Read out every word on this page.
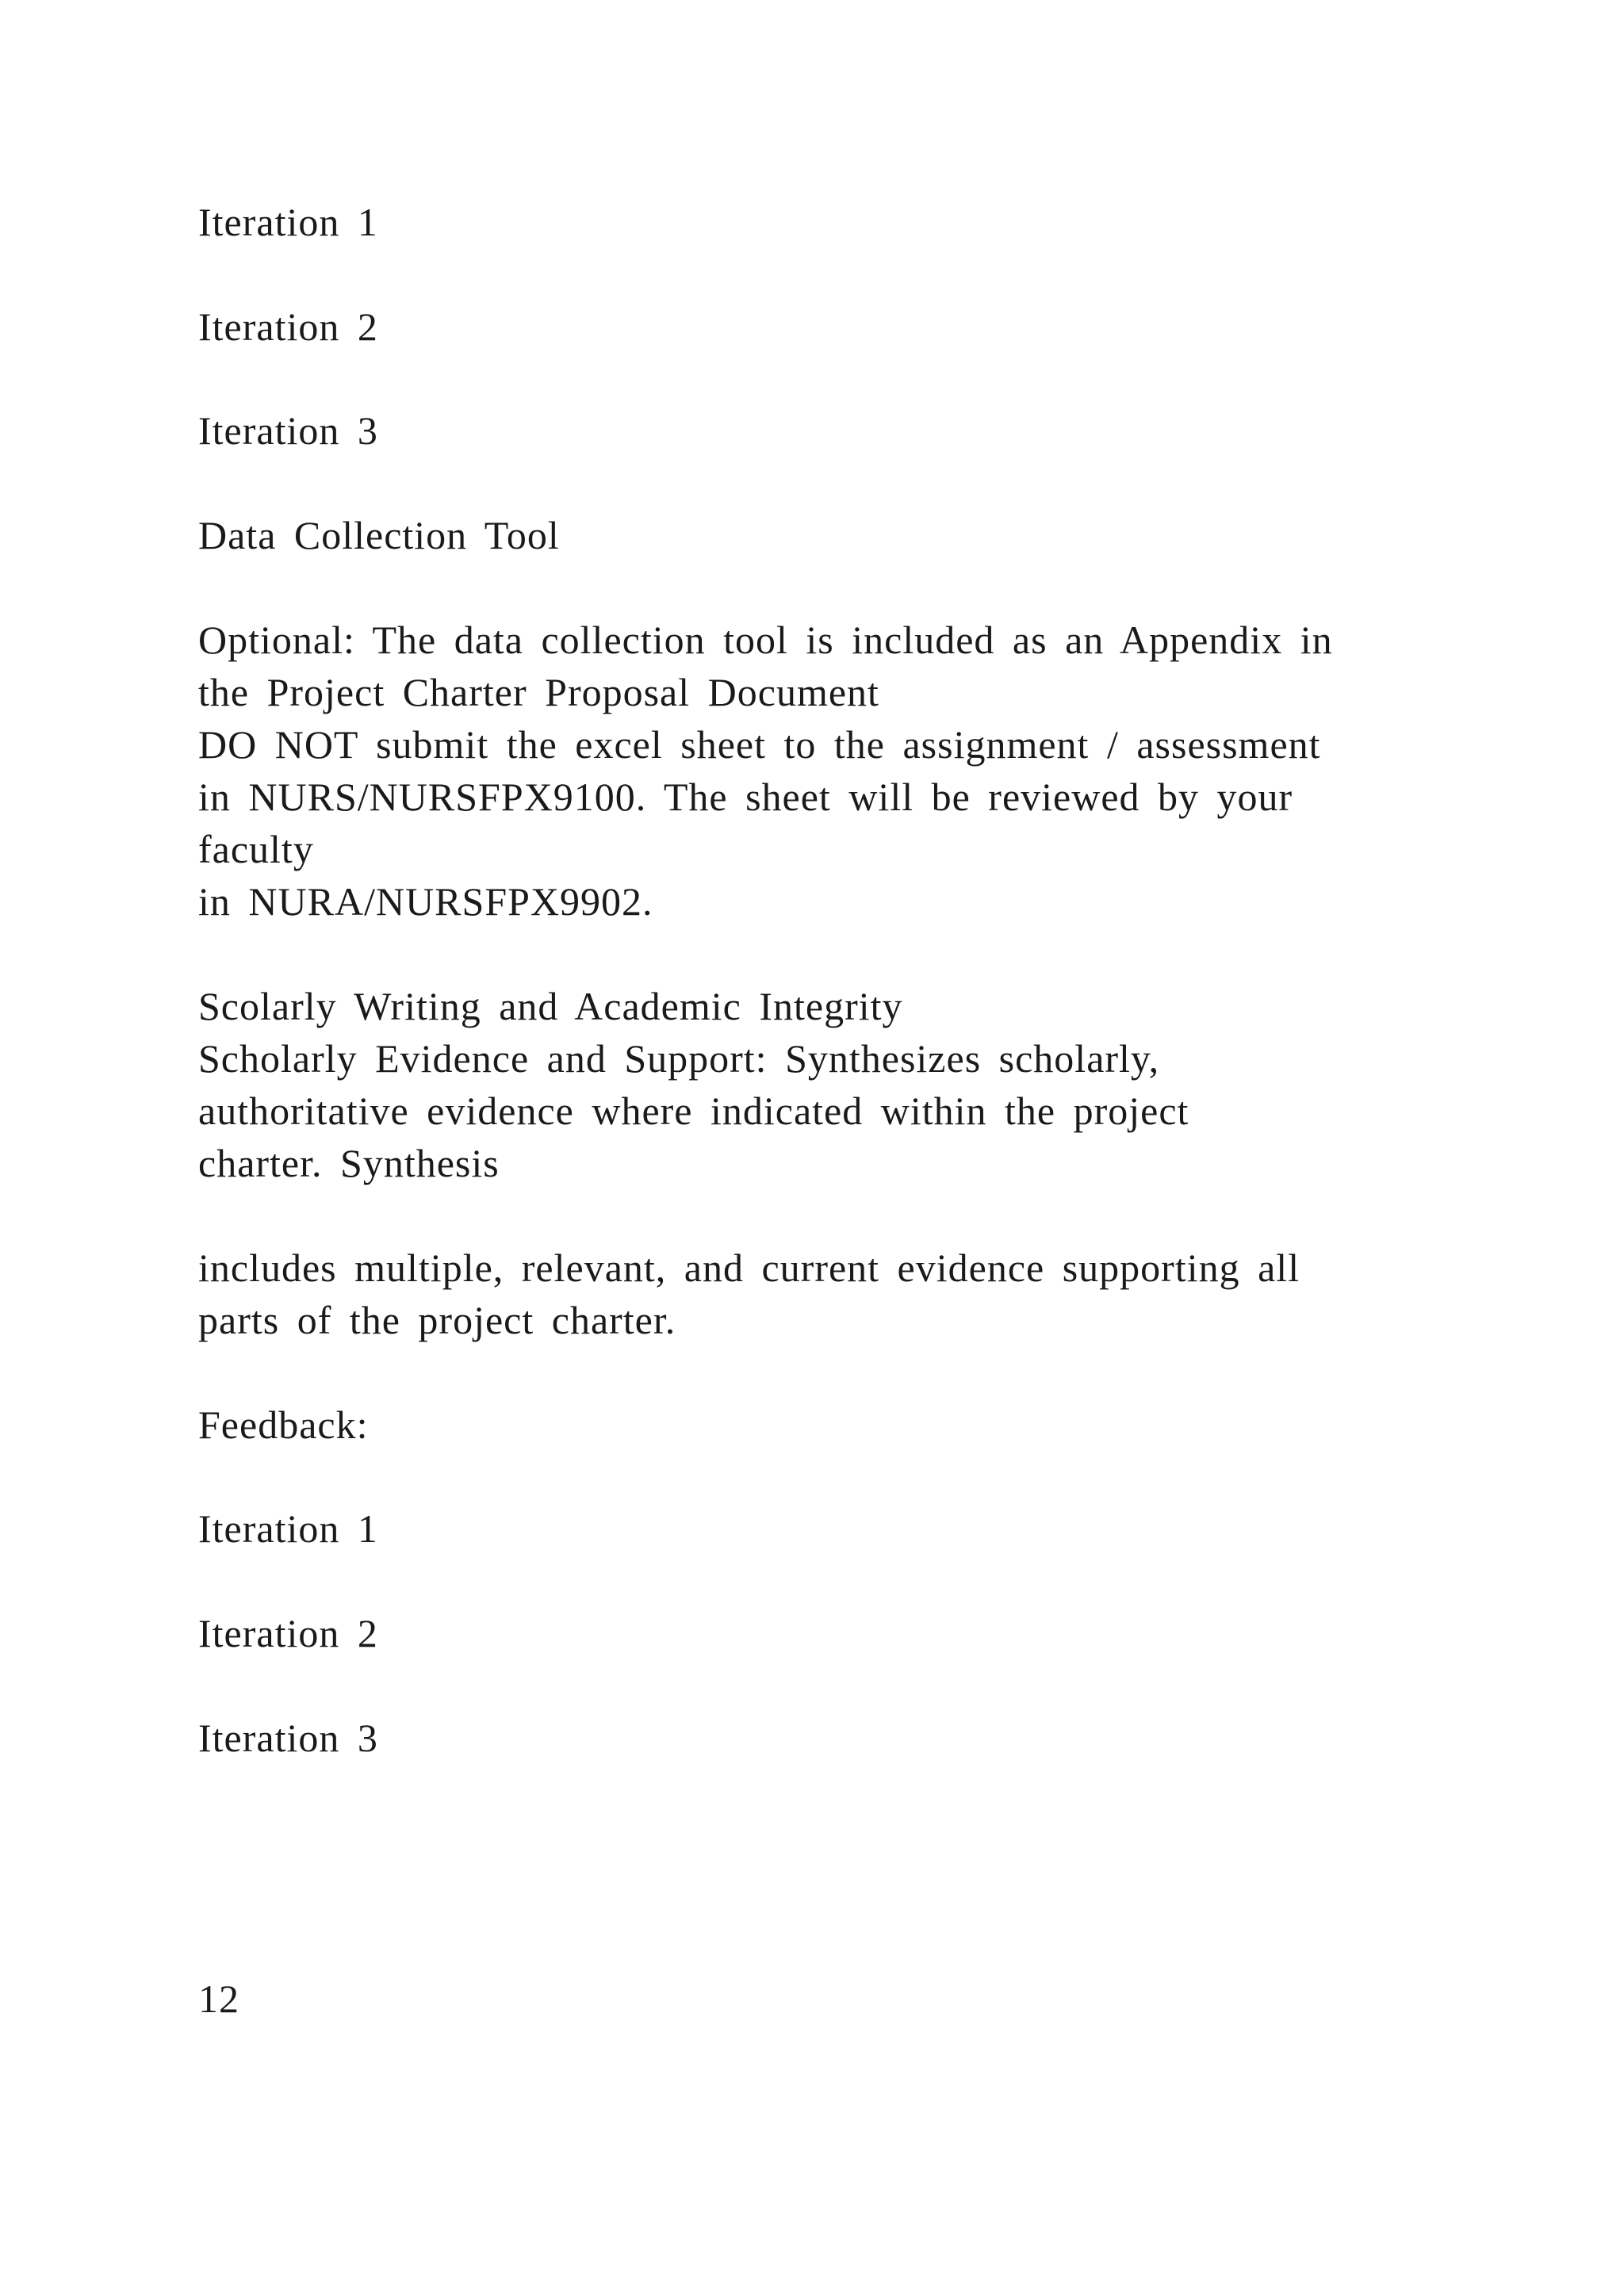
Iteration 1
Iteration 2
Iteration 3
Data Collection Tool
Optional: The data collection tool is included as an Appendix in
the Project Charter Proposal Document
DO NOT submit the excel sheet to the assignment / assessment
in NURS/NURSFPX9100. The sheet will be reviewed by your
faculty
in NURA/NURSFPX9902.
Scolarly Writing and Academic Integrity
Scholarly Evidence and Support: Synthesizes scholarly,
authoritative evidence where indicated within the project
charter. Synthesis
includes multiple, relevant, and current evidence supporting all
parts of the project charter.
Feedback:
Iteration 1
Iteration 2
Iteration 3
12
